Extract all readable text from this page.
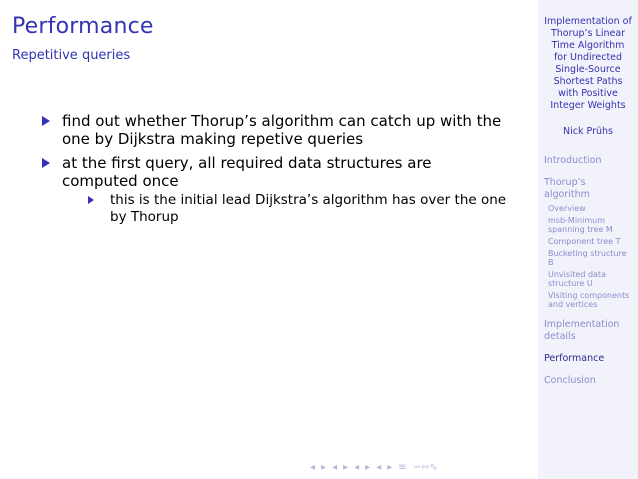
Performance
Repetitive queries
find out whether Thorup’s algorithm can catch up with the one by Dijkstra making repetive queries
at the first query, all required data structures are computed once
this is the initial lead Dijkstra’s algorithm has over the one by Thorup
Implementation of Thorup’s Linear Time Algorithm for Undirected Single-Source Shortest Paths with Positive Integer Weights
Nick Prühs
Introduction
Thorup’s algorithm
Overview
msb-Minimum spanning tree M
Component tree T
Bucketing structure B
Unvisited data structure U
Visiting components and vertices
Implementation details
Performance
Conclusion
◂ ▸ ◂ ▸ ◂ ▸ ◂ ▸ ≡ ∽∾∿
